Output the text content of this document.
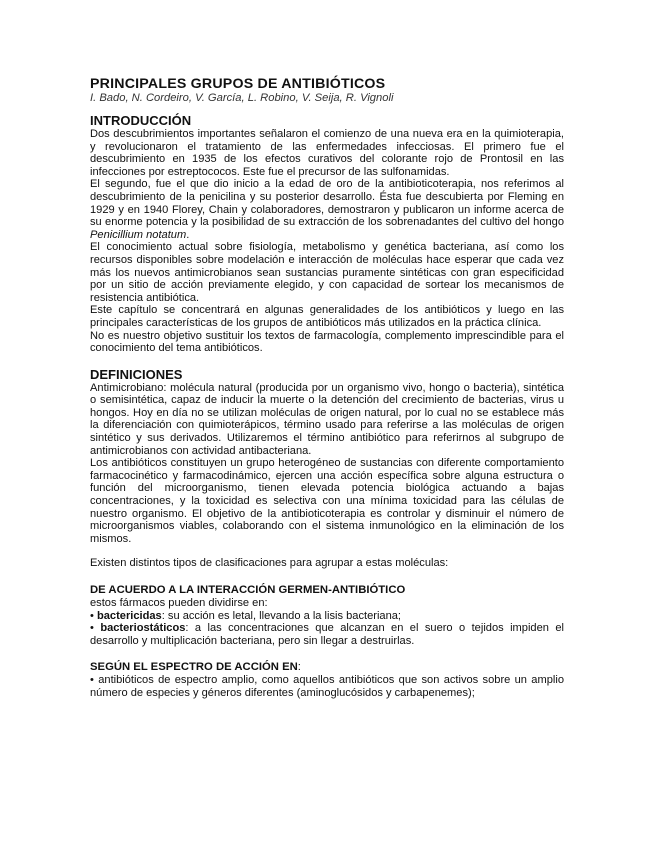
PRINCIPALES GRUPOS DE ANTIBIÓTICOS
I. Bado, N. Cordeiro, V. García, L. Robino, V. Seija, R. Vignoli
INTRODUCCIÓN

Dos descubrimientos importantes señalaron el comienzo de una nueva era en la quimioterapia, y revolucionaron el tratamiento de las enfermedades infecciosas. El primero fue el descubrimiento en 1935 de los efectos curativos del colorante rojo de Prontosil en las infecciones por estreptococos. Este fue el precursor de las sulfonamidas.

El segundo, fue el que dio inicio a la edad de oro de la antibioticoterapia, nos referimos al descubrimiento de la penicilina y su posterior desarrollo. Ésta fue descubierta por Fleming en 1929 y en 1940 Florey, Chain y colaboradores, demostraron y publicaron un informe acerca de su enorme potencia y la posibilidad de su extracción de los sobrenadantes del cultivo del hongo Penicillium notatum.

El conocimiento actual sobre fisiología, metabolismo y genética bacteriana, así como los recursos disponibles sobre modelación e interacción de moléculas hace esperar que cada vez más los nuevos antimicrobianos sean sustancias puramente sintéticas con gran especificidad por un sitio de acción previamente elegido, y con capacidad de sortear los mecanismos de resistencia antibiótica.

Este capítulo se concentrará en algunas generalidades de los antibióticos y luego en las principales características de los grupos de antibióticos más utilizados en la práctica clínica.

No es nuestro objetivo sustituir los textos de farmacología, complemento imprescindible para el conocimiento del tema antibióticos.

DEFINICIONES

Antimicrobiano: molécula natural (producida por un organismo vivo, hongo o bacteria), sintética o semisintética, capaz de inducir la muerte o la detención del crecimiento de bacterias, virus u hongos. Hoy en día no se utilizan moléculas de origen natural, por lo cual no se establece más la diferenciación con quimioterápicos, término usado para referirse a las moléculas de origen sintético y sus derivados. Utilizaremos el término antibiótico para referirnos al subgrupo de antimicrobianos con actividad antibacteriana.

Los antibióticos constituyen un grupo heterogéneo de sustancias con diferente comportamiento farmacocinético y farmacodinámico, ejercen una acción específica sobre alguna estructura o función del microorganismo, tienen elevada potencia biológica actuando a bajas concentraciones, y la toxicidad es selectiva con una mínima toxicidad para las células de nuestro organismo. El objetivo de la antibioticoterapia es controlar y disminuir el número de microorganismos viables, colaborando con el sistema inmunológico en la eliminación de los mismos.

Existen distintos tipos de clasificaciones para agrupar a estas moléculas:

DE ACUERDO A LA INTERACCIÓN GERMEN-ANTIBIÓTICO

estos fármacos pueden dividirse en:

• bactericidas: su acción es letal, llevando a la lisis bacteriana;

• bacteriostáticos: a las concentraciones que alcanzan en el suero o tejidos impiden el desarrollo y multiplicación bacteriana, pero sin llegar a destruirlas.

SEGÚN EL ESPECTRO DE ACCIÓN EN:

• antibióticos de espectro amplio, como aquellos antibióticos que son activos sobre un amplio número de especies y géneros diferentes (aminoglucósidos y carbapenemes);
